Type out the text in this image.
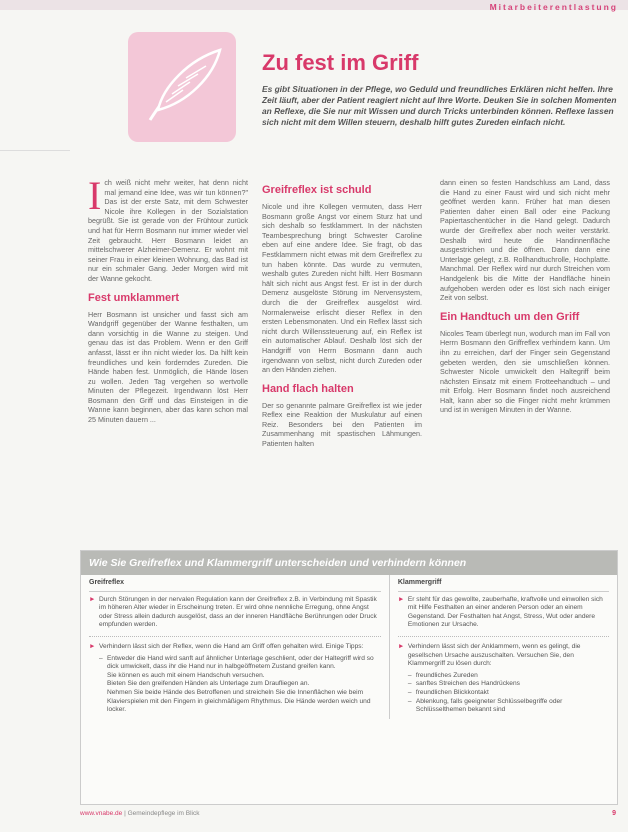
Mitarbeiterentlastung
Zu fest im Griff
Es gibt Situationen in der Pflege, wo Geduld und freundliches Erklären nicht helfen. Ihre Zeit läuft, aber der Patient reagiert nicht auf Ihre Worte. Deuken Sie in solchen Momenten an Reflexe, die Sie nur mit Wissen und durch Tricks unterbinden können. Reflexe lassen sich nicht mit dem Willen steuern, deshalb hilft gutes Zureden einfach nicht.

Ich weiß nicht mehr weiter, hat denn nicht mal jemand eine Idee, was wir tun können?" Das ist der erste Satz, mit dem Schwester Nicole ihre Kollegen in der Sozialstation begrüßt. Sie ist gerade von der Frühtour zurück und hat für Herrn Bosmann nur immer wieder viel Zeit gebraucht. Herr Bosmann leidet an mittelschwerer Alzheimer-Demenz. Er wohnt mit seiner Frau in einer kleinen Wohnung, das Bad ist nur ein schmaler Gang. Jeder Morgen wird mit der Wanne gekocht.

Fest umklammert

Herr Bosmann ist unsicher und fasst sich am Wandgriff gegenüber der Wanne festhalten, um dann vorsichtig in die Wanne zu steigen. Und genau das ist das Problem. Wenn er den Griff anfasst, lässt er ihn nicht wieder los. Da hilft kein freundliches und kein forderndes Zureden. Die Hände haben fest. Unmöglich, die Hände lösen zu wollen. Jeden Tag vergehen so wertvolle Minuten der Pflegezeit. Irgendwann löst Herr Bosmann den Griff und das Einsteigen in die Wanne kann beginnen, aber das kann schon mal 25 Minuten dauern ...

Greifreflex ist schuld

Nicole und ihre Kollegen vermuten, dass Herr Bosmann große Angst vor einem Sturz hat und sich deshalb so festklammert. In der nächsten Teambesprechung bringt Schwester Caroline eben auf eine andere Idee. Sie fragt, ob das Festklammern nicht etwas mit dem Greifreflex zu tun haben könnte. Das wurde zu vermuten, weshalb gutes Zureden nicht hilft. Herr Bosmann hält sich nicht aus Angst fest. Er ist in der durch Demenz ausgelöste Störung im Nervensystem, durch die der Greifreflex ausgelöst wird. Normalerweise erlischt dieser Reflex in den ersten Lebensmonaten. Und ein Reflex lässt sich nicht durch Willenssteuerung auf, ein Reflex ist ein automatischer Ablauf. Deshalb löst sich der Handgriff von Herrn Bosmann dann auch irgendwann von selbst, nicht durch Zureden oder an den Händen ziehen.

Hand flach halten

Der so genannte palmare Greifreflex ist wie jeder Reflex eine Reaktion der Muskulatur auf einen Reiz. Besonders bei den Patienten im Zusammenhang mit spastischen Lähmungen. Patienten halten

dann einen so festen Handschluss am Land, dass die Hand zu einer Faust wird und sich nicht mehr geöffnet werden kann. Früher hat man diesen Patienten daher einen Ball oder eine Packung Papiertaschentücher in die Hand gelegt. Dadurch wurde der Greifreflex aber noch weiter verstärkt. Deshalb wird heute die Handinnenfläche ausgestrichen und die öffnen. Dann dann eine Unterlage gelegt, z.B. Rollhandtuchrolle, Hochplatte. Manchmal. Der Reflex wird nur durch Streichen vom Handgelenk bis die Mitte der Handfläche hinein aufgehoben werden oder es löst sich nach einiger Zeit von selbst.

Ein Handtuch um den Griff

Nicoles Team überlegt nun, wodurch man im Fall von Herrn Bosmann den Griffreflex verhindern kann. Um ihn zu erreichen, darf der Finger sein Gegenstand gebeten werden, den sie umschließen können. Schwester Nicole umwickelt den Haltegriff beim nächsten Einsatz mit einem Frotteehandtuch – und mit Erfolg. Herr Bosmann findet noch ausreichend Halt, kann aber so die Finger nicht mehr krümmen und ist in wenigen Minuten in der Wanne.

Wie Sie Greifreflex und Klammergriff unterscheiden und verhindern können
Greifreflex
► Durch Störungen in der nervalen Regulation kann der Greifreflex z.B. in Verbindung mit Spastik im höheren Alter wieder in Erscheinung treten. Er wird ohne nennliche Erregung, ohne Angst oder Stress allein dadurch ausgelöst, dass an der inneren Handfläche Berührungen oder Druck empfunden werden.
► Verhindern lässt sich der Reflex, wenn die Hand am Griff offen gehalten wird. Einige Tipps:
– Entweder die Hand wird sanft auf ähnlicher Unterlage geschlient, oder der Haltegriff wird so dick umwickelt, dass ihr die Hand nur in halbgeöffnetem Zustand greifen kann.
Sie können es auch mit einem Handschuh versuchen.
Bieten Sie den greifenden Händen als Unterlage zum Draufliegen an.
Nehmen Sie beide Hände des Betroffenen und streicheln Sie die Innenflächen wie beim Klavierspielen mit den Fingern in gleichmäßigem Rhythmus. Die Hände werden weich und locker.
Klammergriff
► Er steht für das gewollte, zauberhafte, kraftvolle und einwollen sich mit Hilfe Festhalten an einer anderen Person oder an einem Gegenstand. Der Festhalten hat Angst, Stress, Wut oder andere Emotionen zur Ursache.
► Verhindern lässt sich der Anklammern, wenn es gelingt, die gesellschen Ursache auszuschalten. Versuchen Sie, den Klammergriff zu lösen durch:
– freundliches Zureden
– sanftes Streichen des Handrückens
– freundlichen Blickkontakt
– Ablenkung, falls geeigneter Schlüsselbegriffe oder Schlüsselthemen bekannt sind
www.vnabe.de | Gemeindepflege im Blick	9
